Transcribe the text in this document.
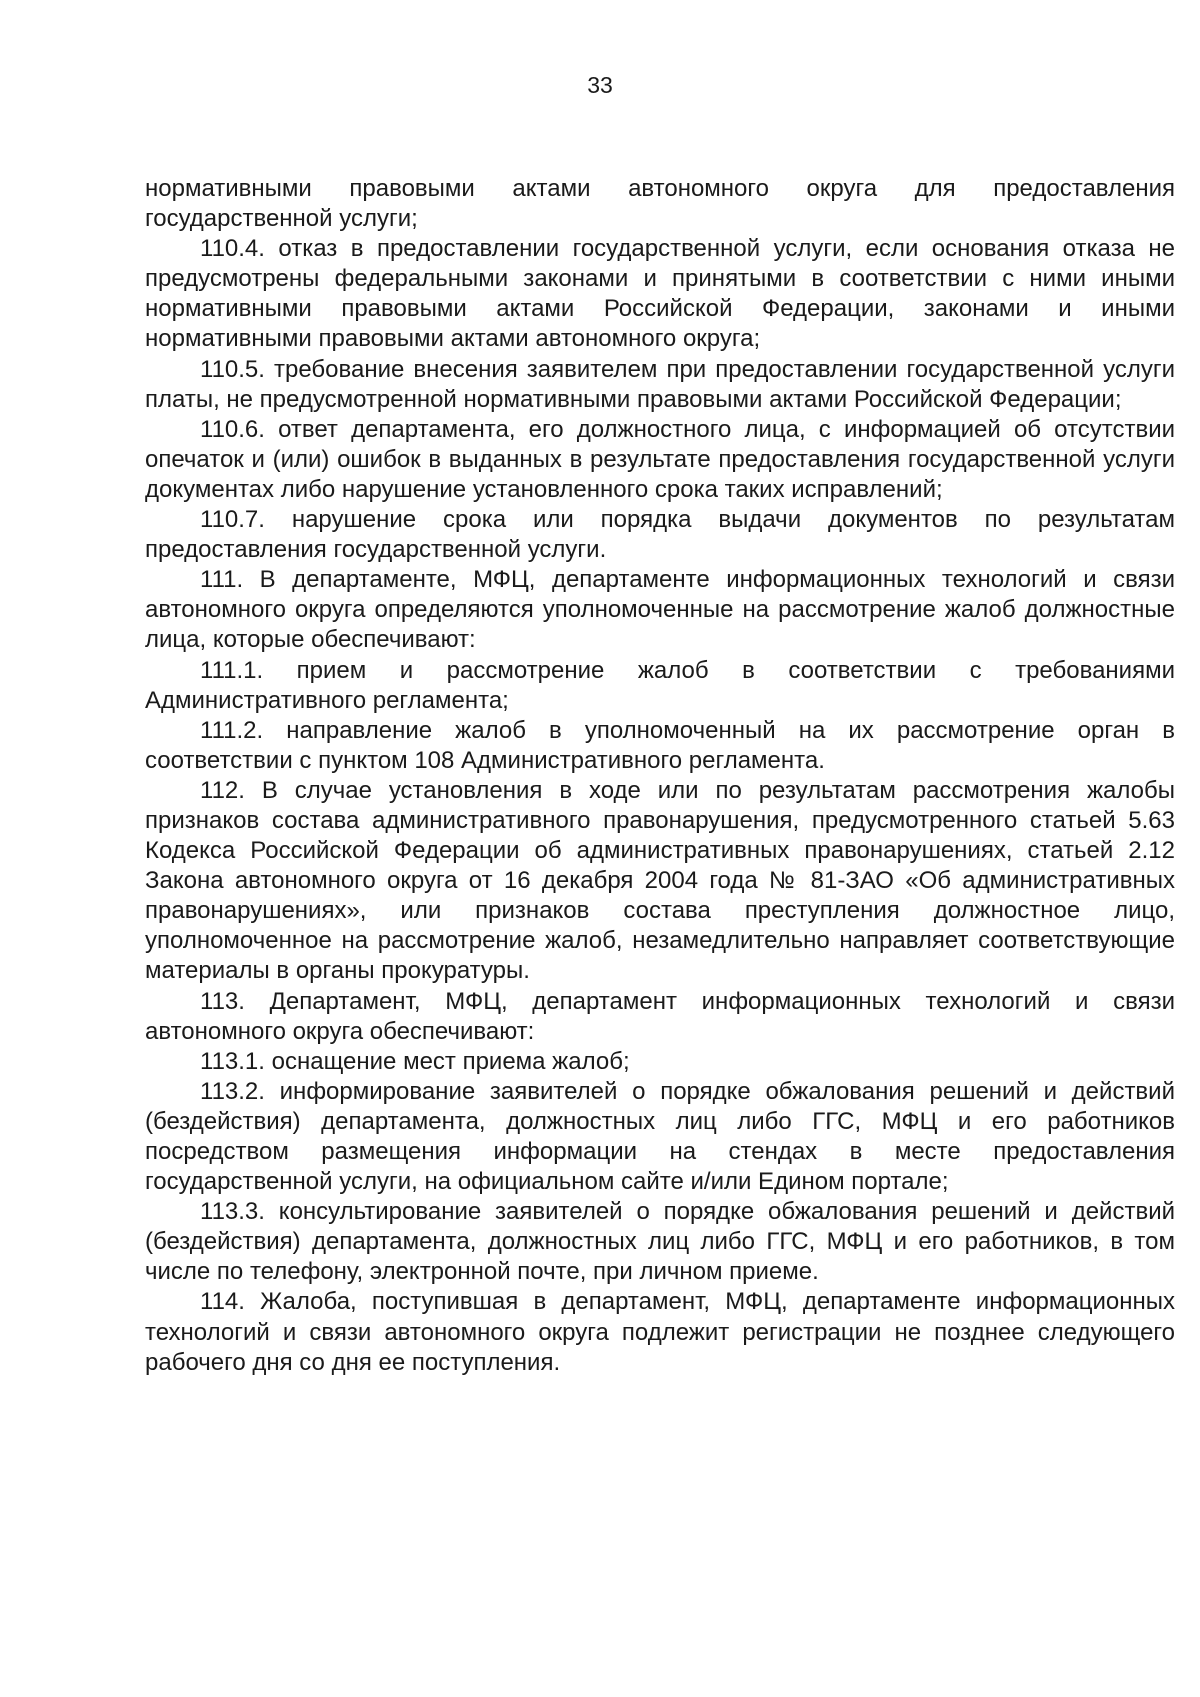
33

нормативными правовыми актами автономного округа для предоставления государственной услуги;

110.4. отказ в предоставлении государственной услуги, если основания отказа не предусмотрены федеральными законами и принятыми в соответствии с ними иными нормативными правовыми актами Российской Федерации, законами и иными нормативными правовыми актами автономного округа;

110.5. требование внесения заявителем при предоставлении государственной услуги платы, не предусмотренной нормативными правовыми актами Российской Федерации;

110.6. ответ департамента, его должностного лица, с информацией об отсутствии опечаток и (или) ошибок в выданных в результате предоставления государственной услуги документах либо нарушение установленного срока таких исправлений;

110.7. нарушение срока или порядка выдачи документов по результатам предоставления государственной услуги.

111. В департаменте, МФЦ, департаменте информационных технологий и связи автономного округа определяются уполномоченные на рассмотрение жалоб должностные лица, которые обеспечивают:

111.1. прием и рассмотрение жалоб в соответствии с требованиями Административного регламента;

111.2. направление жалоб в уполномоченный на их рассмотрение орган в соответствии с пунктом 108 Административного регламента.

112. В случае установления в ходе или по результатам рассмотрения жалобы признаков состава административного правонарушения, предусмотренного статьей 5.63 Кодекса Российской Федерации об административных правонарушениях, статьей 2.12 Закона автономного округа от 16 декабря 2004 года № 81-ЗАО «Об административных правонарушениях», или признаков состава преступления должностное лицо, уполномоченное на рассмотрение жалоб, незамедлительно направляет соответствующие материалы в органы прокуратуры.

113. Департамент, МФЦ, департамент информационных технологий и связи автономного округа обеспечивают:

113.1. оснащение мест приема жалоб;

113.2. информирование заявителей о порядке обжалования решений и действий (бездействия) департамента, должностных лиц либо ГГС, МФЦ и его работников посредством размещения информации на стендах в месте предоставления государственной услуги, на официальном сайте и/или Едином портале;

113.3. консультирование заявителей о порядке обжалования решений и действий (бездействия) департамента, должностных лиц либо ГГС, МФЦ и его работников, в том числе по телефону, электронной почте, при личном приеме.

114. Жалоба, поступившая в департамент, МФЦ, департаменте информационных технологий и связи автономного округа подлежит регистрации не позднее следующего рабочего дня со дня ее поступления.
